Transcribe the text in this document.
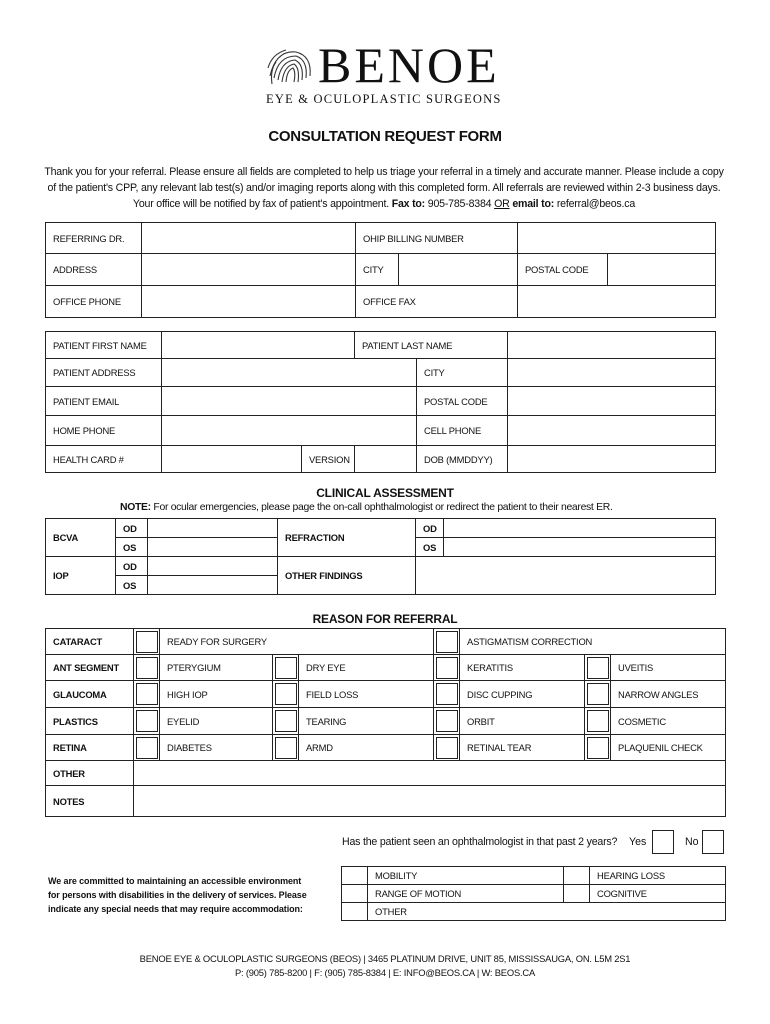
BENOE
EYE & OCULOPLASTIC SURGEONS
CONSULTATION REQUEST FORM
Thank you for your referral. Please ensure all fields are completed to help us triage your referral in a timely and accurate manner. Please include a copy of the patient's CPP, any relevant lab test(s) and/or imaging reports along with this completed form. All referrals are reviewed within 2-3 business days. Your office will be notified by fax of patient's appointment. Fax to: 905-785-8384 OR email to: referral@beos.ca
REFERRING DR.		OHIP BILLING NUMBER			
ADDRESS		CITY		POSTAL CODE	
OFFICE PHONE		OFFICE FAX			
PATIENT FIRST NAME			PATIENT LAST NAME		
PATIENT ADDRESS				CITY	
PATIENT EMAIL				POSTAL CODE	
HOME PHONE				CELL PHONE	
HEALTH CARD #		VERSION		DOB (MMDDYY)	
CLINICAL ASSESSMENT
NOTE: For ocular emergencies, please page the on-call ophthalmologist or redirect the patient to their nearest ER.
BCVA	OD		REFRACTION	OD	
	OS			OS	
IOP	OD		OTHER FINDINGS		
	OS				
REASON FOR REFERRAL
CATARACT		READY FOR SURGERY				ASTIGMATISM CORRECTION		
ANT SEGMENT		PTERYGIUM		DRY EYE		KERATITIS		UVEITIS
GLAUCOMA		HIGH IOP		FIELD LOSS		DISC CUPPING		NARROW ANGLES
PLASTICS		EYELID		TEARING		ORBIT		COSMETIC
RETINA		DIABETES		ARMD		RETINAL TEAR		PLAQUENIL CHECK
OTHER								
NOTES								
Has the patient seen an ophthalmologist in that past 2 years? Yes	No
We are committed to maintaining an accessible environment
for persons with disabilities in the delivery of services. Please
indicate any special needs that may require accommodation:
	MOBILITY		HEARING LOSS
	RANGE OF MOTION		COGNITIVE
	OTHER		
BENOE EYE & OCULOPLASTIC SURGEONS (BEOS) | 3465 PLATINUM DRIVE, UNIT 85, MISSISSAUGA, ON. L5M 2S1
P: (905) 785-8200 | F: (905) 785-8384 | E: INFO@BEOS.CA | W: BEOS.CA
